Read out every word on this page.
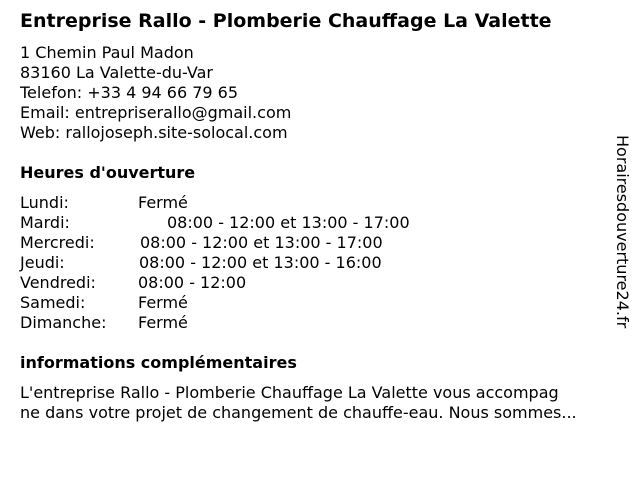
Entreprise Rallo - Plomberie Chauffage La Valette
1 Chemin Paul Madon
83160 La Valette-du-Var
Telefon: +33 4 94 66 79 65
Email: entrepriserallo@gmail.com
Web: rallojoseph.site-solocal.com
Heures d'ouverture
Lundi:	Fermé
Mardi:	08:00 - 12:00 et 13:00 - 17:00
Mercredi:	08:00 - 12:00 et 13:00 - 17:00
Jeudi:	08:00 - 12:00 et 13:00 - 16:00
Vendredi:	08:00 - 12:00
Samedi:	Fermé
Dimanche: Fermé
informations complémentaires
L'entreprise Rallo - Plomberie Chauffage La Valette vous accompag
ne dans votre projet de changement de chauffe-eau. Nous sommes...
Horairesdouverture24.fr
